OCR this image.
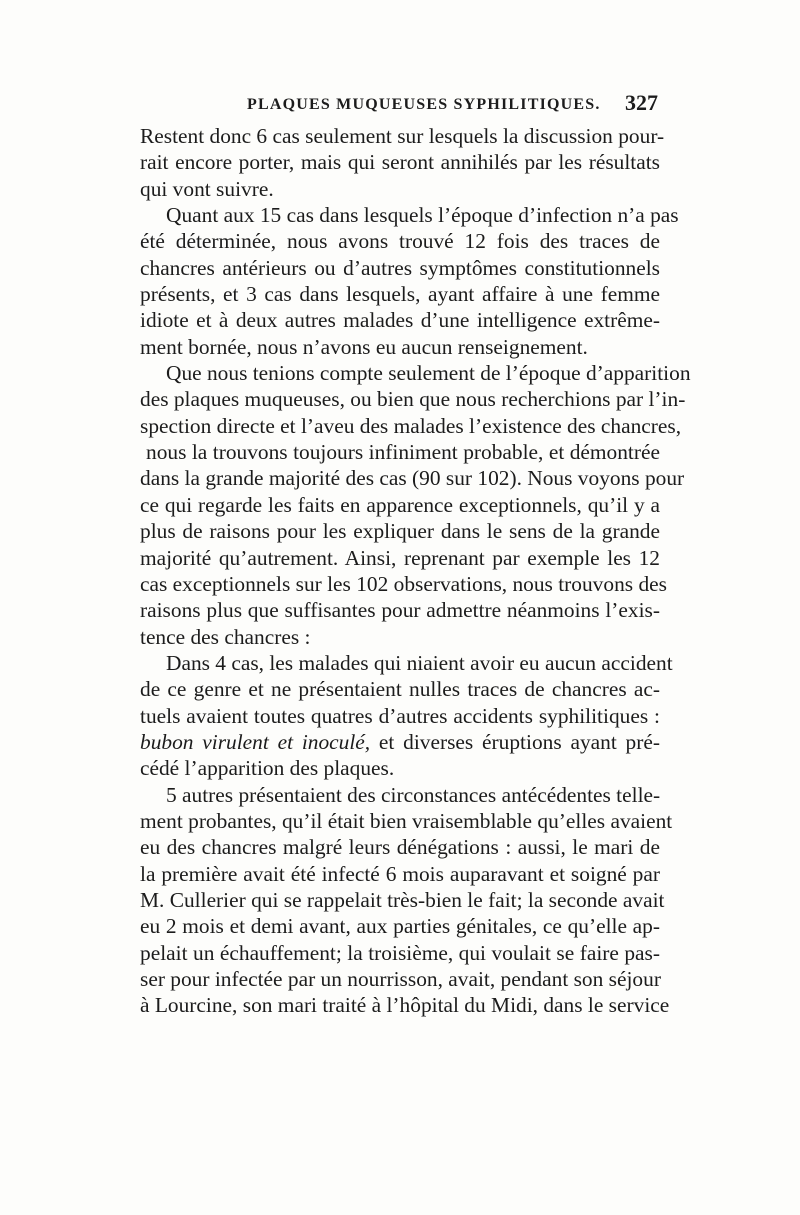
PLAQUES MUQUEUSES SYPHILITIQUES. 327

Restent donc 6 cas seulement sur lesquels la discussion pour-
rait encore porter, mais qui seront annihilés par les résultats
qui vont suivre.

Quant aux 15 cas dans lesquels l’époque d’infection n’a pas
été déterminée, nous avons trouvé 12 fois des traces de
chancres antérieurs ou d’autres symptômes constitutionnels
présents, et 3 cas dans lesquels, ayant affaire à une femme
idiote et à deux autres malades d’une intelligence extrême-
ment bornée, nous n’avons eu aucun renseignement.

Que nous tenions compte seulement de l’époque d’apparition
des plaques muqueuses, ou bien que nous recherchions par l’in-
spection directe et l’aveu des malades l’existence des chancres,
nous la trouvons toujours infiniment probable, et démontrée
dans la grande majorité des cas (90 sur 102). Nous voyons pour
ce qui regarde les faits en apparence exceptionnels, qu’il y a
plus de raisons pour les expliquer dans le sens de la grande
majorité qu’autrement. Ainsi, reprenant par exemple les 12
cas exceptionnels sur les 102 observations, nous trouvons des
raisons plus que suffisantes pour admettre néanmoins l’exis-
tence des chancres :

Dans 4 cas, les malades qui niaient avoir eu aucun accident
de ce genre et ne présentaient nulles traces de chancres ac-
tuels avaient toutes quatres d’autres accidents syphilitiques :
bubon virulent et inoculé, et diverses éruptions ayant pré-
cédé l’apparition des plaques.

5 autres présentaient des circonstances antécédentes telle-
ment probantes, qu’il était bien vraisemblable qu’elles avaient
eu des chancres malgré leurs dénégations : aussi, le mari de
la première avait été infecté 6 mois auparavant et soigné par
M. Cullerier qui se rappelait très-bien le fait; la seconde avait
eu 2 mois et demi avant, aux parties génitales, ce qu’elle ap-
pelait un échauffement; la troisième, qui voulait se faire pas-
ser pour infectée par un nourrisson, avait, pendant son séjour
à Lourcine, son mari traité à l’hôpital du Midi, dans le service
